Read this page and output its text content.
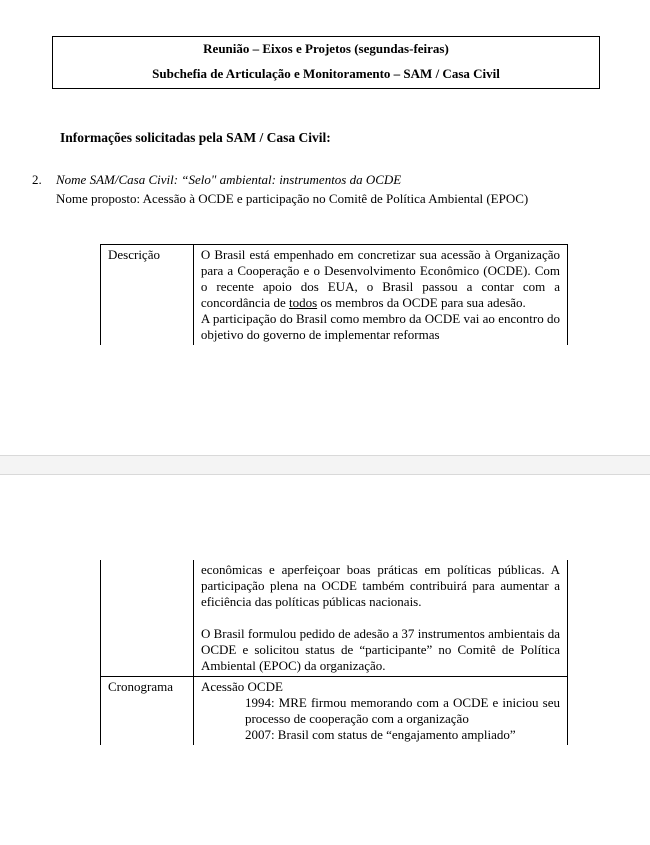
Reunião – Eixos e Projetos (segundas-feiras)
Subchefia de Articulação e Monitoramento – SAM / Casa Civil
Informações solicitadas pela SAM / Casa Civil:
2. Nome SAM/Casa Civil: “Selo" ambiental: instrumentos da OCDE
Nome proposto: Acessão à OCDE e participação no Comitê de Política Ambiental (EPOC)
Descrição	O Brasil está empenhado em concretizar sua acessão à Organização para a Cooperação e o Desenvolvimento Econômico (OCDE). Com o recente apoio dos EUA, o Brasil passou a contar com a concordância de todos os membros da OCDE para sua adesão.
A participação do Brasil como membro da OCDE vai ao encontro do objetivo do governo de implementar reformas

	econômicas e aperfeiçoar boas práticas em políticas públicas. A participação plena na OCDE também contribuirá para aumentar a eficiência das políticas públicas nacionais.
O Brasil formulou pedido de adesão a 37 instrumentos ambientais da OCDE e solicitou status de “participante” no Comitê de Política Ambiental (EPOC) da organização.

Cronograma	Acessão OCDE
1994: MRE firmou memorando com a OCDE e iniciou seu processo de cooperação com a organização
2007: Brasil com status de “engajamento ampliado”
